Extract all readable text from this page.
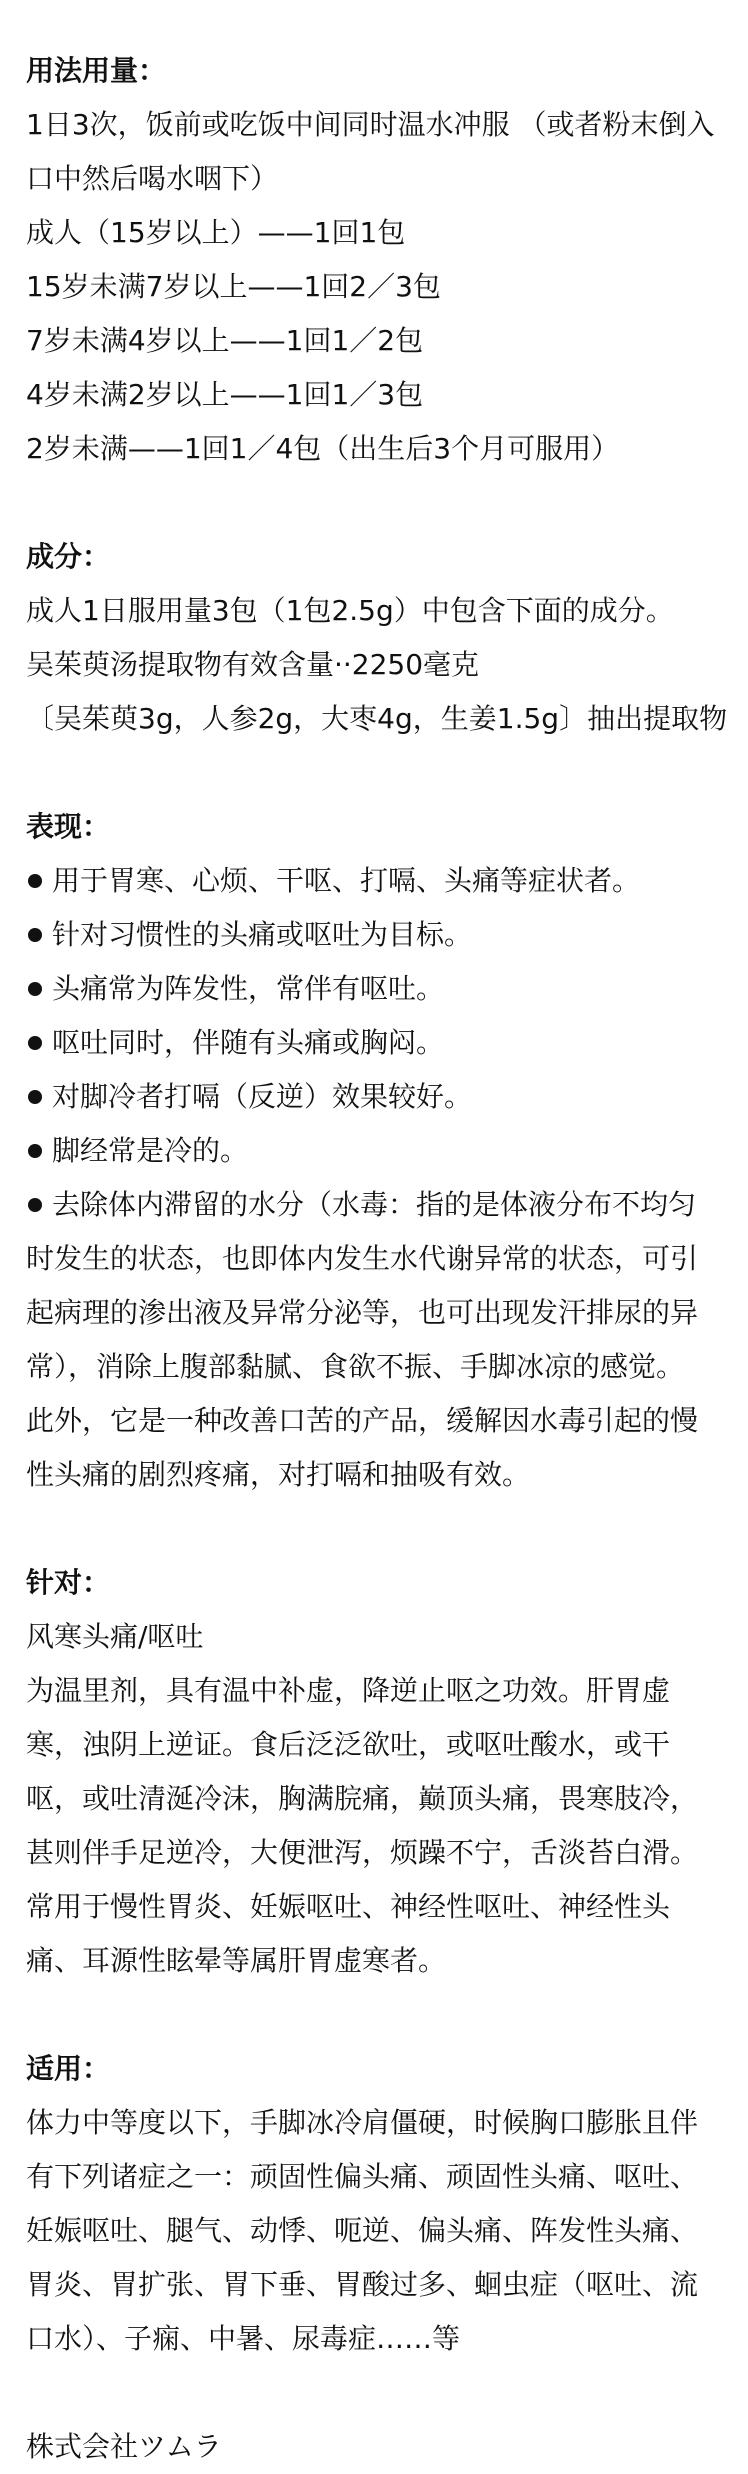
用法用量：
1日3次，饭前或吃饭中间同时温水冲服 （或者粉末倒入
口中然后喝水咽下）
成人（15岁以上）——1回1包
15岁未满7岁以上——1回2／3包
7岁未满4岁以上——1回1／2包
4岁未满2岁以上——1回1／3包
2岁未满——1回1／4包（出生后3个月可服用）
成分：
成人1日服用量3包（1包2.5g）中包含下面的成分。
吴茱萸汤提取物有效含量··2250毫克
〔吴茱萸3g，人参2g，大枣4g，生姜1.5g〕抽出提取物
表现：
用于胃寒、心烦、干呕、打嗝、头痛等症状者。
针对习惯性的头痛或呕吐为目标。
头痛常为阵发性，常伴有呕吐。
呕吐同时，伴随有头痛或胸闷。
对脚冷者打嗝（反逆）效果较好。
脚经常是冷的。
去除体内滞留的水分（水毒：指的是体液分布不均匀
时发生的状态，也即体内发生水代谢异常的状态，可引
起病理的渗出液及异常分泌等，也可出现发汗排尿的异
常），消除上腹部黏腻、食欲不振、手脚冰凉的感觉。
此外，它是一种改善口苦的产品，缓解因水毒引起的慢
性头痛的剧烈疼痛，对打嗝和抽吸有效。
针对：
风寒头痛/呕吐
为温里剂，具有温中补虚，降逆止呕之功效。肝胃虚
寒，浊阴上逆证。食后泛泛欲吐，或呕吐酸水，或干
呕，或吐清涎冷沫，胸满脘痛，巅顶头痛，畏寒肢冷，
甚则伴手足逆冷，大便泄泻，烦躁不宁，舌淡苔白滑。
常用于慢性胃炎、妊娠呕吐、神经性呕吐、神经性头
痛、耳源性眩晕等属肝胃虚寒者。
适用：
体力中等度以下，手脚冰冷肩僵硬，时候胸口膨胀且伴
有下列诸症之一：顽固性偏头痛、顽固性头痛、呕吐、
妊娠呕吐、腿气、动悸、呃逆、偏头痛、阵发性头痛、
胃炎、胃扩张、胃下垂、胃酸过多、蛔虫症（呕吐、流
口水）、子痫、中暑、尿毒症……等
株式会社ツムラ
